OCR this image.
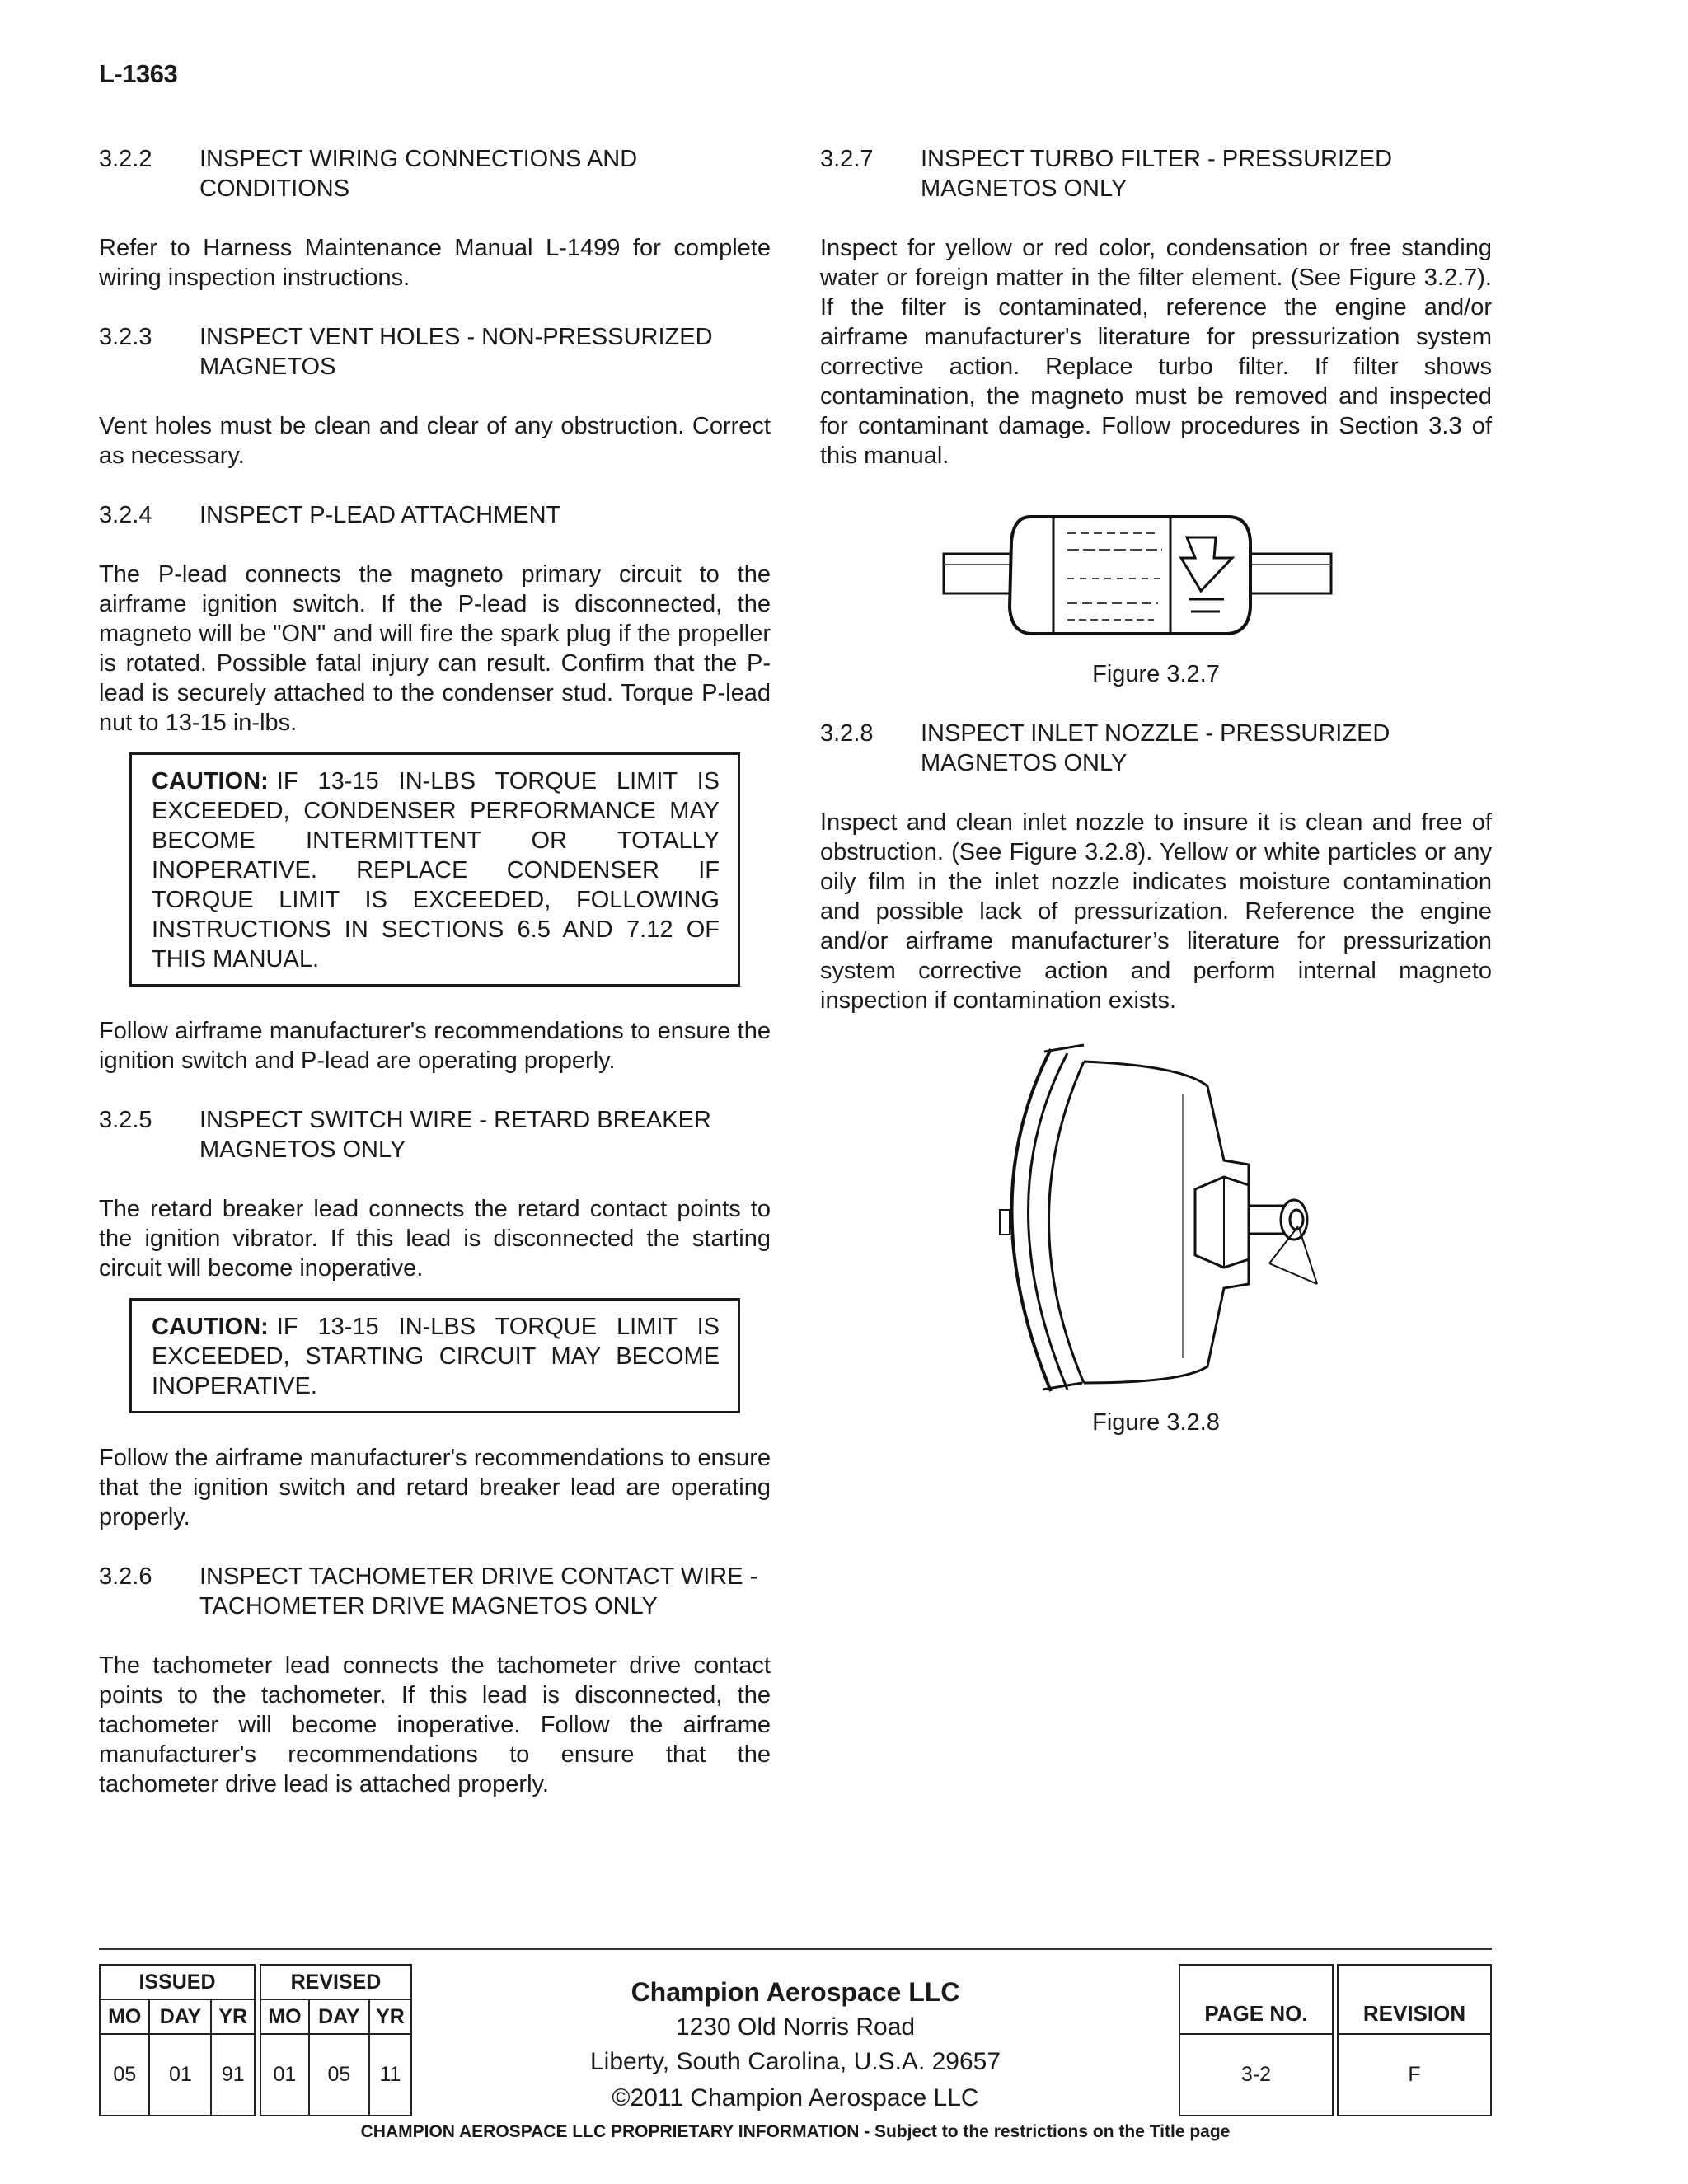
L-1363
3.2.2	INSPECT WIRING CONNECTIONS AND CONDITIONS

Refer to Harness Maintenance Manual L-1499 for complete wiring inspection instructions.

3.2.3	INSPECT VENT HOLES - NON-PRESSURIZED MAGNETOS

Vent holes must be clean and clear of any obstruction. Correct as necessary.

3.2.4	INSPECT P-LEAD ATTACHMENT

The P-lead connects the magneto primary circuit to the airframe ignition switch. If the P-lead is disconnected, the magneto will be "ON" and will fire the spark plug if the propeller is rotated. Possible fatal injury can result. Confirm that the P-lead is securely attached to the condenser stud. Torque P-lead nut to 13-15 in-lbs.

CAUTION: IF 13-15 IN-LBS TORQUE LIMIT IS EXCEEDED, CONDENSER PERFORMANCE MAY BECOME INTERMITTENT OR TOTALLY INOPERATIVE. REPLACE CONDENSER IF TORQUE LIMIT IS EXCEEDED, FOLLOWING INSTRUCTIONS IN SECTIONS 6.5 AND 7.12 OF THIS MANUAL.

Follow airframe manufacturer's recommendations to ensure the ignition switch and P-lead are operating properly.

3.2.5	INSPECT SWITCH WIRE - RETARD BREAKER MAGNETOS ONLY

The retard breaker lead connects the retard contact points to the ignition vibrator. If this lead is disconnected the starting circuit will become inoperative.

CAUTION: IF 13-15 IN-LBS TORQUE LIMIT IS EXCEEDED, STARTING CIRCUIT MAY BECOME INOPERATIVE.

Follow the airframe manufacturer's recommendations to ensure that the ignition switch and retard breaker lead are operating properly.

3.2.6	INSPECT TACHOMETER DRIVE CONTACT WIRE - TACHOMETER DRIVE MAGNETOS ONLY

The tachometer lead connects the tachometer drive contact points to the tachometer. If this lead is disconnected, the tachometer will become inoperative. Follow the airframe manufacturer's recommendations to ensure that the tachometer drive lead is attached properly.

3.2.7	INSPECT TURBO FILTER - PRESSURIZED MAGNETOS ONLY

Inspect for yellow or red color, condensation or free standing water or foreign matter in the filter element. (See Figure 3.2.7). If the filter is contaminated, reference the engine and/or airframe manufacturer's literature for pressurization system corrective action. Replace turbo filter. If filter shows contamination, the magneto must be removed and inspected for contaminant damage. Follow procedures in Section 3.3 of this manual.

Figure 3.2.7
3.2.8	INSPECT INLET NOZZLE - PRESSURIZED MAGNETOS ONLY

Inspect and clean inlet nozzle to insure it is clean and free of obstruction. (See Figure 3.2.8). Yellow or white particles or any oily film in the inlet nozzle indicates moisture contamination and possible lack of pressurization. Reference the engine and/or airframe manufacturer’s literature for pressurization system corrective action and perform internal magneto inspection if contamination exists.

Figure 3.2.8
ISSUED		
MO	DAY	YR
05	01	91
REVISED		
MO	DAY	YR
01	05	11
Champion Aerospace LLC
1230 Old Norris Road
Liberty, South Carolina, U.S.A. 29657
©2011 Champion Aerospace LLC
PAGE NO.
3-2
REVISION
F
CHAMPION AEROSPACE LLC PROPRIETARY INFORMATION - Subject to the restrictions on the Title page
